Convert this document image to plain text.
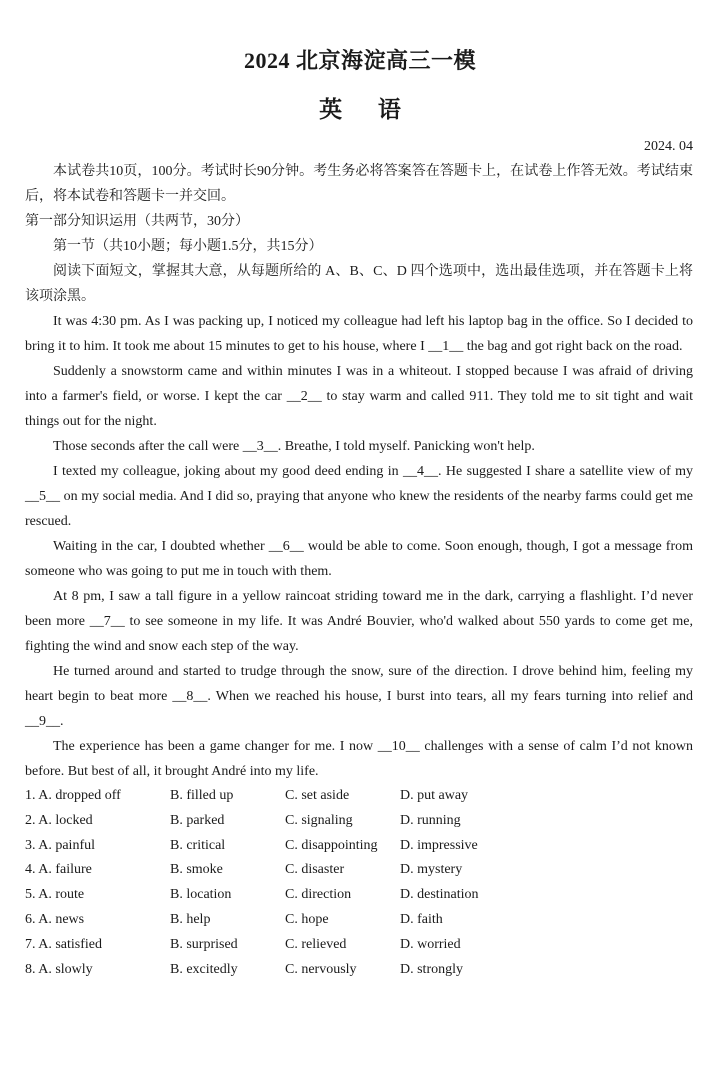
2024 北京海淀高三一模
英 语
2024. 04

本试卷共10页，100分。考试时长90分钟。考生务必将答案答在答题卡上，在试卷上作答无效。考试结束后，将本试卷和答题卡一并交回。

第一部分知识运用（共两节，30分）

第一节（共10小题；每小题1.5分，共15分）

阅读下面短文，掌握其大意，从每题所给的 A、B、C、D 四个选项中，选出最佳选项，并在答题卡上将该项涂黑。

It was 4:30 pm. As I was packing up, I noticed my colleague had left his laptop bag in the office. So I decided to bring it to him. It took me about 15 minutes to get to his house, where I __1__ the bag and got right back on the road.

Suddenly a snowstorm came and within minutes I was in a whiteout. I stopped because I was afraid of driving into a farmer's field, or worse. I kept the car __2__ to stay warm and called 911. They told me to sit tight and wait things out for the night.

Those seconds after the call were __3__. Breathe, I told myself. Panicking won't help.

I texted my colleague, joking about my good deed ending in __4__. He suggested I share a satellite view of my __5__ on my social media. And I did so, praying that anyone who knew the residents of the nearby farms could get me rescued.

Waiting in the car, I doubted whether __6__ would be able to come. Soon enough, though, I got a message from someone who was going to put me in touch with them.

At 8 pm, I saw a tall figure in a yellow raincoat striding toward me in the dark, carrying a flashlight. I’d never been more __7__ to see someone in my life. It was André Bouvier, who'd walked about 550 yards to come get me, fighting the wind and snow each step of the way.

He turned around and started to trudge through the snow, sure of the direction. I drove behind him, feeling my heart begin to beat more __8__. When we reached his house, I burst into tears, all my fears turning into relief and __9__.

The experience has been a game changer for me. I now __10__ challenges with a sense of calm I’d not known before. But best of all, it brought André into my life.

1. A. dropped off	B. filled up	C. set aside	D. put away
2. A. locked	B. parked	C. signaling	D. running
3. A. painful	B. critical	C. disappointing	D. impressive
4. A. failure	B. smoke	C. disaster	D. mystery
5. A. route	B. location	C. direction	D. destination
6. A. news	B. help	C. hope	D. faith
7. A. satisfied	B. surprised	C. relieved	D. worried
8. A. slowly	B. excitedly	C. nervously	D. strongly
